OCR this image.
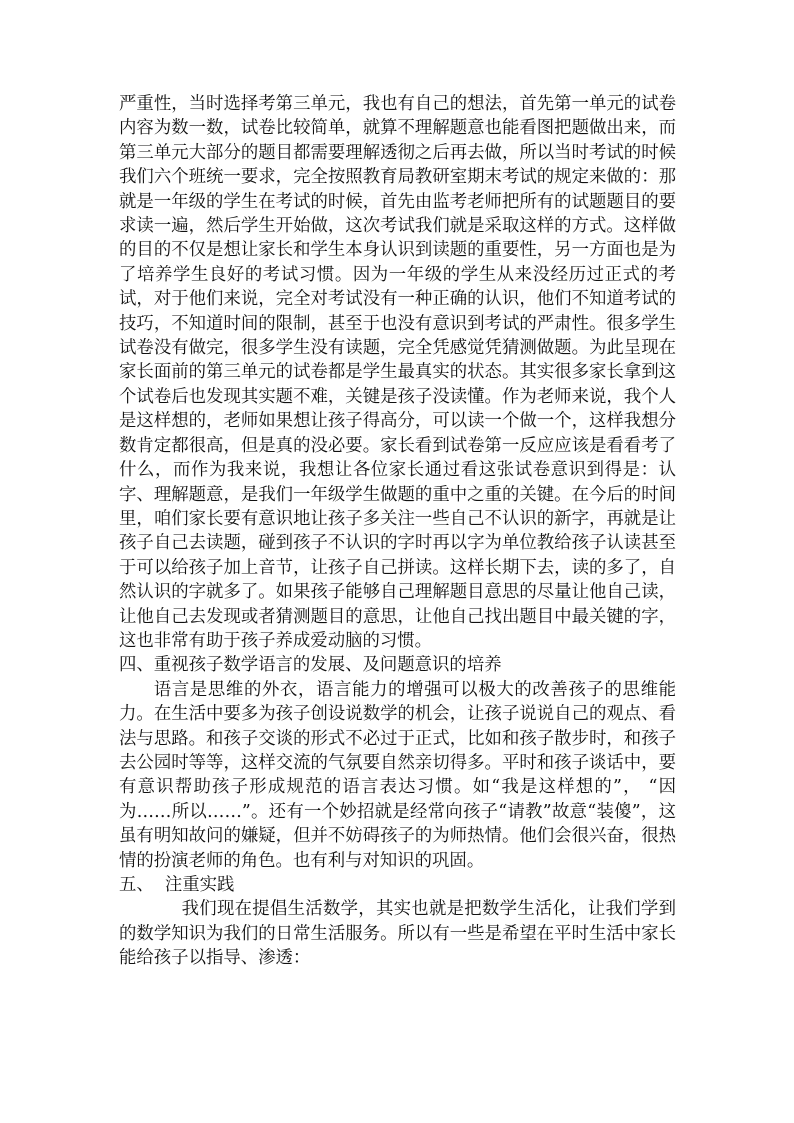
严重性，当时选择考第三单元，我也有自己的想法，首先第一单元的试卷内容为数一数，试卷比较简单，就算不理解题意也能看图把题做出来，而第三单元大部分的题目都需要理解透彻之后再去做，所以当时考试的时候我们六个班统一要求，完全按照教育局教研室期末考试的规定来做的：那就是一年级的学生在考试的时候，首先由监考老师把所有的试题题目的要求读一遍，然后学生开始做，这次考试我们就是采取这样的方式。这样做的目的不仅是想让家长和学生本身认识到读题的重要性，另一方面也是为了培养学生良好的考试习惯。因为一年级的学生从来没经历过正式的考试，对于他们来说，完全对考试没有一种正确的认识，他们不知道考试的技巧，不知道时间的限制，甚至于也没有意识到考试的严肃性。很多学生试卷没有做完，很多学生没有读题，完全凭感觉凭猜测做题。为此呈现在家长面前的第三单元的试卷都是学生最真实的状态。其实很多家长拿到这个试卷后也发现其实题不难，关键是孩子没读懂。作为老师来说，我个人是这样想的，老师如果想让孩子得高分，可以读一个做一个，这样我想分数肯定都很高，但是真的没必要。家长看到试卷第一反应应该是看看考了什么，而作为我来说，我想让各位家长通过看这张试卷意识到得是：认字、理解题意，是我们一年级学生做题的重中之重的关键。在今后的时间里，咱们家长要有意识地让孩子多关注一些自己不认识的新字，再就是让孩子自己去读题，碰到孩子不认识的字时再以字为单位教给孩子认读甚至于可以给孩子加上音节，让孩子自己拼读。这样长期下去，读的多了，自然认识的字就多了。如果孩子能够自己理解题目意思的尽量让他自己读，让他自己去发现或者猜测题目的意思，让他自己找出题目中最关键的字，这也非常有助于孩子养成爱动脑的习惯。

四、重视孩子数学语言的发展、及问题意识的培养

语言是思维的外衣，语言能力的增强可以极大的改善孩子的思维能力。在生活中要多为孩子创设说数学的机会，让孩子说说自己的观点、看法与思路。和孩子交谈的形式不必过于正式，比如和孩子散步时，和孩子去公园时等等，这样交流的气氛要自然亲切得多。平时和孩子谈话中，要有意识帮助孩子形成规范的语言表达习惯。如“我是这样想的”， “因为……所以……”。还有一个妙招就是经常向孩子“请教”故意“装傻”，这虽有明知故问的嫌疑，但并不妨碍孩子的为师热情。他们会很兴奋，很热情的扮演老师的角色。也有利与对知识的巩固。

五、  注重实践

我们现在提倡生活数学，其实也就是把数学生活化，让我们学到的数学知识为我们的日常生活服务。所以有一些是希望在平时生活中家长能给孩子以指导、渗透：
